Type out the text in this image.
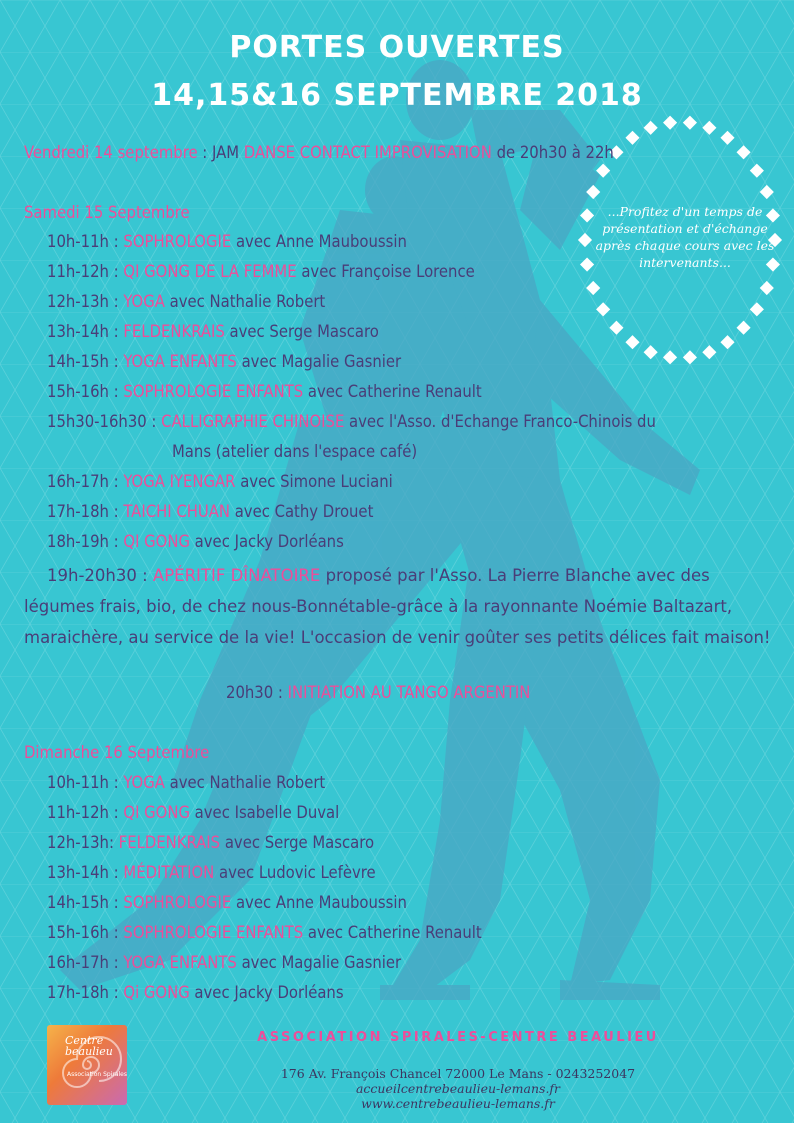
PORTES OUVERTES
14,15&16 SEPTEMBRE 2018
Vendredi 14 septembre : JAM DANSE CONTACT IMPROVISATION de 20h30 à 22h
...Profitez d'un temps de présentation et d'échange après chaque cours avec les intervenants...
Samedi 15 Septembre
10h-11h : SOPHROLOGIE avec Anne Mauboussin
11h-12h : QI GONG DE LA FEMME avec Françoise Lorence
12h-13h : YOGA avec Nathalie Robert
13h-14h : FELDENKRAIS avec Serge Mascaro
14h-15h : YOGA ENFANTS avec Magalie Gasnier
15h-16h : SOPHROLOGIE ENFANTS avec Catherine Renault
15h30-16h30 : CALLIGRAPHIE CHINOISE avec l'Asso. d'Echange Franco-Chinois du
Mans (atelier dans l'espace café)
16h-17h : YOGA IYENGAR avec Simone Luciani
17h-18h : TAICHI CHUAN avec Cathy Drouet
18h-19h : QI GONG avec Jacky Dorléans
19h-20h30 : APÉRITIF DÎNATOIRE proposé par l'Asso. La Pierre Blanche avec des légumes frais, bio, de chez nous-Bonnétable-grâce à la rayonnante Noémie Baltazart, maraichère, au service de la vie! L'occasion de venir goûter ses petits délices fait maison!
20h30 : INITIATION AU TANGO ARGENTIN
Dimanche 16 Septembre
10h-11h : YOGA avec Nathalie Robert
11h-12h : QI GONG avec Isabelle Duval
12h-13h: FELDENKRAIS avec Serge Mascaro
13h-14h : MÉDITATION avec Ludovic Lefèvre
14h-15h : SOPHROLOGIE avec Anne Mauboussin
15h-16h : SOPHROLOGIE ENFANTS avec Catherine Renault
16h-17h : YOGA ENFANTS avec Magalie Gasnier
17h-18h : Qi GONG avec Jacky Dorléans
Centre beaulieu
Association Spirales
ASSOCIATION SPIRALES-CENTRE BEAULIEU
176 Av. François Chancel 72000 Le Mans - 0243252047
accueilcentrebeaulieu-lemans.fr
www.centrebeaulieu-lemans.fr
